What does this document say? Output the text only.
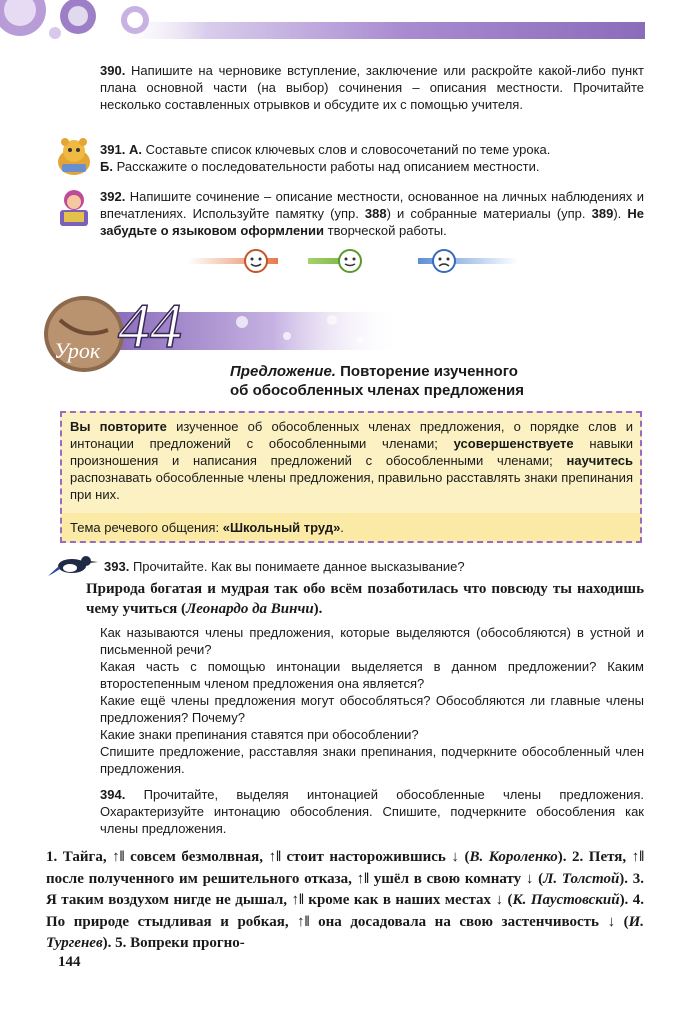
390. Напишите на черновике вступление, заключение или раскройте какой-либо пункт плана основной части (на выбор) сочинения – описания местности. Прочитайте несколько составленных отрывков и обсудите их с помощью учителя.

391. А. Составьте список ключевых слов и словосочетаний по теме урока.

Б. Расскажите о последовательности работы над описанием местности.

392. Напишите сочинение – описание местности, основанное на личных наблюдениях и впечатлениях. Используйте памятку (упр. 388) и собранные материалы (упр. 389). Не забудьте о языковом оформлении творческой работы.
Урок 44

Предложение. Повторение изученного

об обособленных членах предложения

Вы повторите изученное об обособленных членах предложения, о порядке слов и интонации предложений с обособленными членами; усовершенствуете навыки произношения и написания предложений с обособленными членами; научитесь распознавать обособленные члены предложения, правильно расставлять знаки препинания при них.
Тема речевого общения: «Школьный труд».
393. Прочитайте. Как вы понимаете данное высказывание?
Природа богатая и мудрая так обо всём позаботилась что повсюду ты находишь чему учиться (Леонардо да Винчи).

Как называются члены предложения, которые выделяются (обособляются) в устной и письменной речи?

Какая часть с помощью интонации выделяется в данном предложении? Каким второстепенным членом предложения она является?

Какие ещё члены предложения могут обособляться? Обособляются ли главные члены предложения? Почему?

Какие знаки препинания ставятся при обособлении?

Спишите предложение, расставляя знаки препинания, подчеркните обособленный член предложения.

394. Прочитайте, выделяя интонацией обособленные члены предложения. Охарактеризуйте интонацию обособления. Спишите, подчеркните обособления как члены предложения.
1. Тайга, ↑‖ совсем безмолвная, ↑‖ стоит насторожившись ↓ (В. Короленко). 2. Петя, ↑‖ после полученного им решительного отказа, ↑‖ ушёл в свою комнату ↓ (Л. Толстой). 3. Я таким воздухом нигде не дышал, ↑‖ кроме как в наших местах ↓ (К. Паустовский). 4. По природе стыдливая и робкая, ↑‖ она досадовала на свою застенчивость ↓ (И. Тургенев). 5. Вопреки прогно-
144
